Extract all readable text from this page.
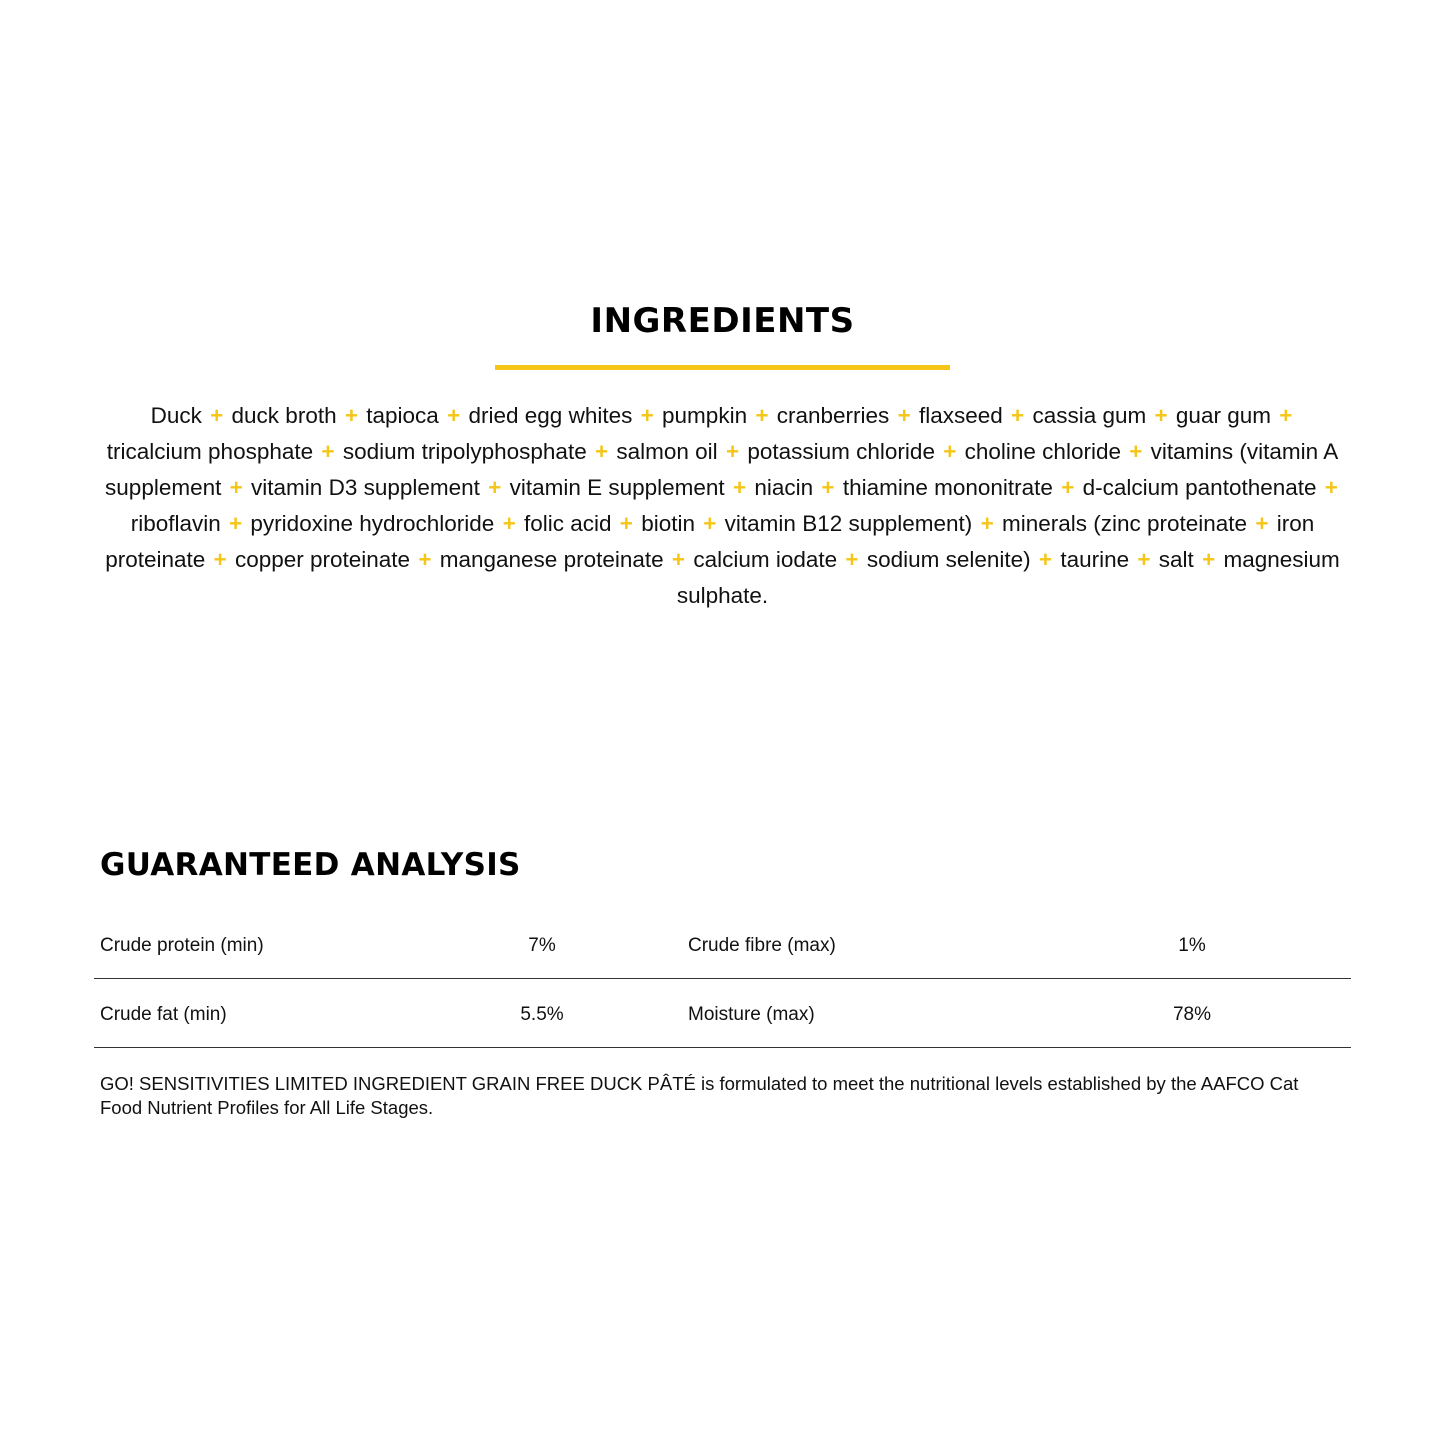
INGREDIENTS

Duck + duck broth + tapioca + dried egg whites + pumpkin + cranberries + flaxseed + cassia gum + guar gum + tricalcium phosphate + sodium tripolyphosphate + salmon oil + potassium chloride + choline chloride + vitamins (vitamin A supplement + vitamin D3 supplement + vitamin E supplement + niacin + thiamine mononitrate + d-calcium pantothenate + riboflavin + pyridoxine hydrochloride + folic acid + biotin + vitamin B12 supplement) + minerals (zinc proteinate + iron proteinate + copper proteinate + manganese proteinate + calcium iodate + sodium selenite) + taurine + salt + magnesium sulphate.

GUARANTEED ANALYSIS
Crude protein (min)	7%	Crude fibre (max)	1%
Crude fat (min)	5.5%	Moisture (max)	78%

GO! SENSITIVITIES LIMITED INGREDIENT GRAIN FREE DUCK PÂTÉ is formulated to meet the nutritional levels established by the AAFCO Cat Food Nutrient Profiles for All Life Stages.
